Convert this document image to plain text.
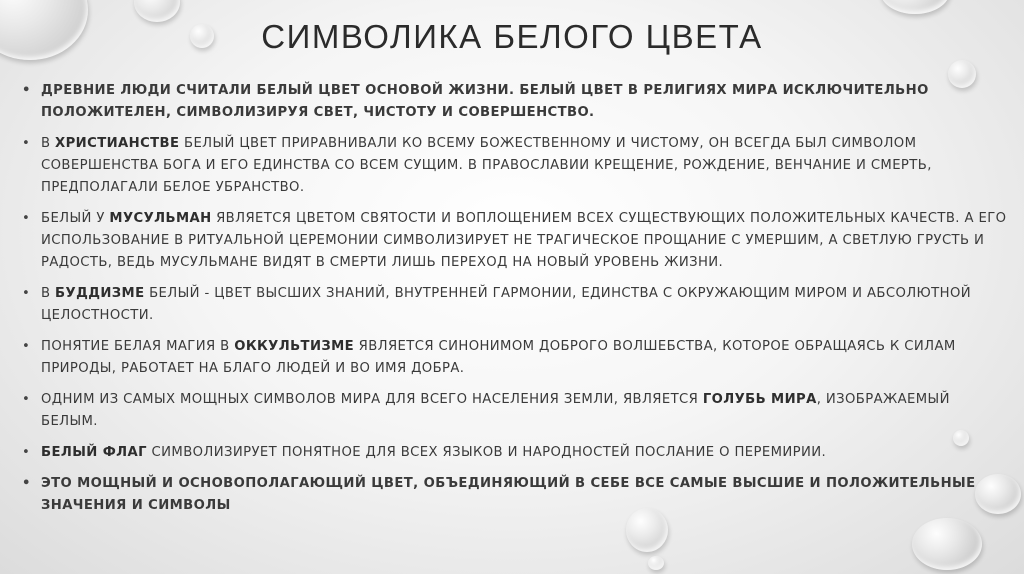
СИМВОЛИКА БЕЛОГО ЦВЕТА
• ДРЕВНИЕ ЛЮДИ СЧИТАЛИ БЕЛЫЙ ЦВЕТ ОСНОВОЙ ЖИЗНИ. БЕЛЫЙ ЦВЕТ В РЕЛИГИЯХ МИРА ИСКЛЮЧИТЕЛЬНО ПОЛОЖИТЕЛЕН, СИМВОЛИЗИРУЯ СВЕТ, ЧИСТОТУ И СОВЕРШЕНСТВО.
• В ХРИСТИАНСТВЕ БЕЛЫЙ ЦВЕТ ПРИРАВНИВАЛИ КО ВСЕМУ БОЖЕСТВЕННОМУ И ЧИСТОМУ, ОН ВСЕГДА БЫЛ СИМВОЛОМ СОВЕРШЕНСТВА БОГА И ЕГО ЕДИНСТВА СО ВСЕМ СУЩИМ. В ПРАВОСЛАВИИ КРЕЩЕНИЕ, РОЖДЕНИЕ, ВЕНЧАНИЕ И СМЕРТЬ, ПРЕДПОЛАГАЛИ БЕЛОЕ УБРАНСТВО.
• БЕЛЫЙ У МУСУЛЬМАН ЯВЛЯЕТСЯ ЦВЕТОМ СВЯТОСТИ И ВОПЛОЩЕНИЕМ ВСЕХ СУЩЕСТВУЮЩИХ ПОЛОЖИТЕЛЬНЫХ КАЧЕСТВ. А ЕГО ИСПОЛЬЗОВАНИЕ В РИТУАЛЬНОЙ ЦЕРЕМОНИИ СИМВОЛИЗИРУЕТ НЕ ТРАГИЧЕСКОЕ ПРОЩАНИЕ С УМЕРШИМ, А СВЕТЛУЮ ГРУСТЬ И РАДОСТЬ, ВЕДЬ МУСУЛЬМАНЕ ВИДЯТ В СМЕРТИ ЛИШЬ ПЕРЕХОД НА НОВЫЙ УРОВЕНЬ ЖИЗНИ.
• В БУДДИЗМЕ БЕЛЫЙ - ЦВЕТ ВЫСШИХ ЗНАНИЙ, ВНУТРЕННЕЙ ГАРМОНИИ, ЕДИНСТВА С ОКРУЖАЮЩИМ МИРОМ И АБСОЛЮТНОЙ ЦЕЛОСТНОСТИ.
• ПОНЯТИЕ БЕЛАЯ МАГИЯ В ОККУЛЬТИЗМЕ ЯВЛЯЕТСЯ СИНОНИМОМ ДОБРОГО ВОЛШЕБСТВА, КОТОРОЕ ОБРАЩАЯСЬ К СИЛАМ ПРИРОДЫ, РАБОТАЕТ НА БЛАГО ЛЮДЕЙ И ВО ИМЯ ДОБРА.
• ОДНИМ ИЗ САМЫХ МОЩНЫХ СИМВОЛОВ МИРА ДЛЯ ВСЕГО НАСЕЛЕНИЯ ЗЕМЛИ, ЯВЛЯЕТСЯ ГОЛУБЬ МИРА, ИЗОБРАЖАЕМЫЙ БЕЛЫМ.
• БЕЛЫЙ ФЛАГ СИМВОЛИЗИРУЕТ ПОНЯТНОЕ ДЛЯ ВСЕХ ЯЗЫКОВ И НАРОДНОСТЕЙ ПОСЛАНИЕ О ПЕРЕМИРИИ.
• ЭТО МОЩНЫЙ И ОСНОВОПОЛАГАЮЩИЙ ЦВЕТ, ОБЪЕДИНЯЮЩИЙ В СЕБЕ ВСЕ САМЫЕ ВЫСШИЕ И ПОЛОЖИТЕЛЬНЫЕ ЗНАЧЕНИЯ И СИМВОЛЫ
